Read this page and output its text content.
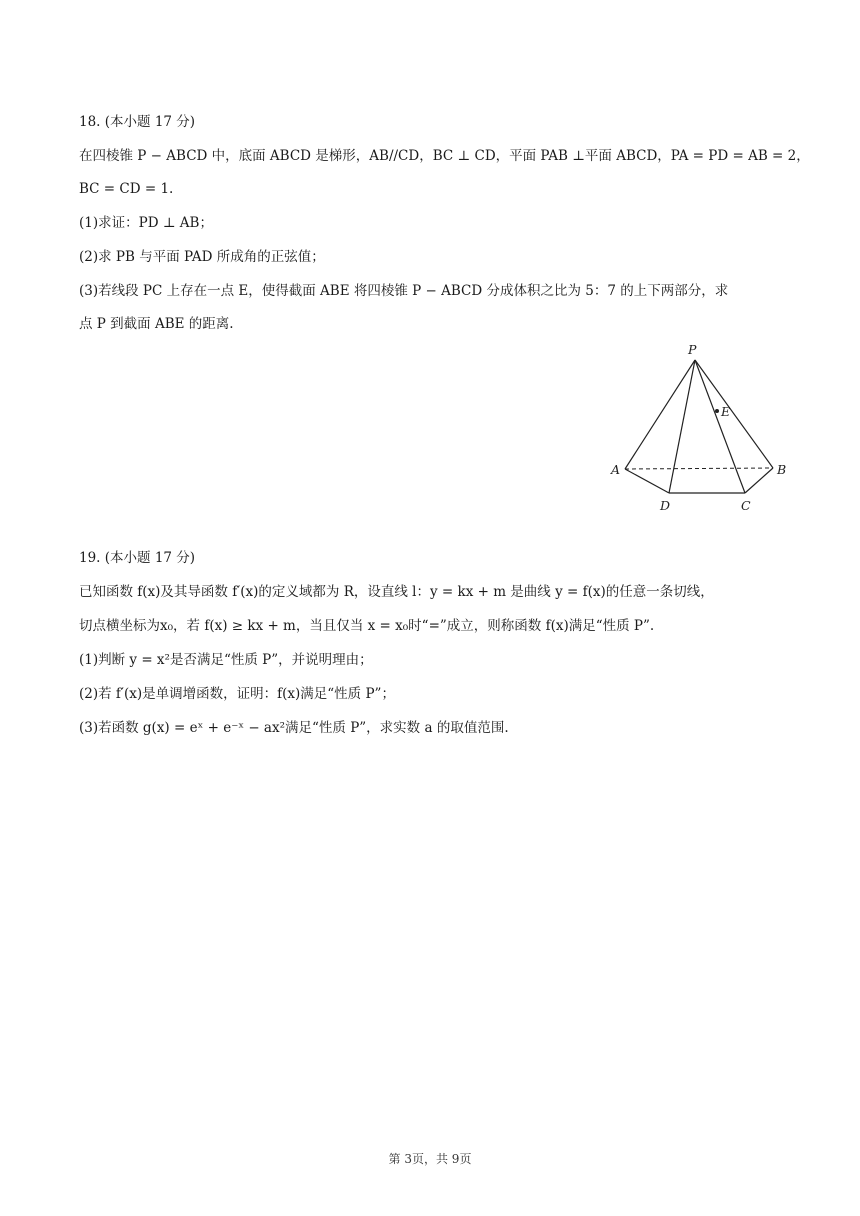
18. (本小题 17 分)
在四棱锥 P − ABCD 中，底面 ABCD 是梯形，AB//CD，BC ⊥ CD，平面 PAB ⊥平面 ABCD，PA = PD = AB = 2，
BC = CD = 1.
(1)求证：PD ⊥ AB；
(2)求 PB 与平面 PAD 所成角的正弦值；
(3)若线段 PC 上存在一点 E，使得截面 ABE 将四棱锥 P − ABCD 分成体积之比为 5：7 的上下两部分，求
点 P 到截面 ABE 的距离.
P
E
A	B
D	C
19. (本小题 17 分)
已知函数 f(x)及其导函数 f′(x)的定义域都为 R，设直线 l：y = kx + m 是曲线 y = f(x)的任意一条切线，
切点横坐标为x₀，若 f(x) ≥ kx + m，当且仅当 x = x₀时“=”成立，则称函数 f(x)满足“性质 P”.
(1)判断 y = x²是否满足“性质 P”，并说明理由；
(2)若 f′(x)是单调增函数，证明：f(x)满足“性质 P”；
(3)若函数 g(x) = eˣ + e⁻ˣ − ax²满足“性质 P”，求实数 a 的取值范围.
第 3页，共 9页
